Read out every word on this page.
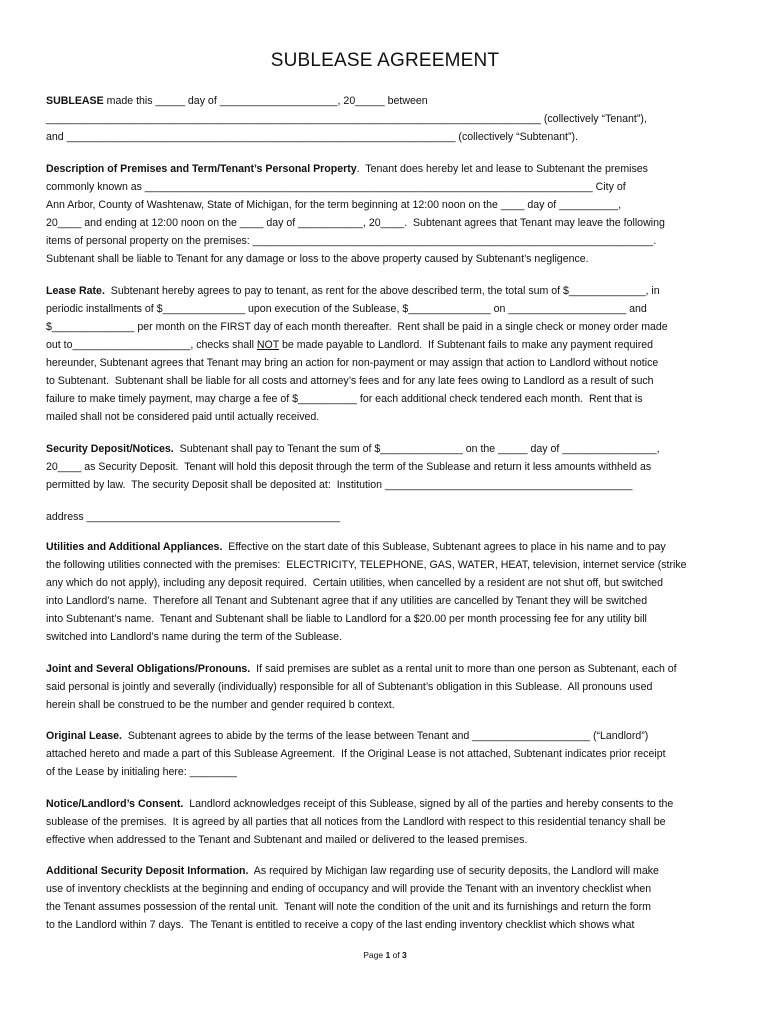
SUBLEASE AGREEMENT
SUBLEASE made this _____ day of ____________________, 20_____ between
____________________________________________________________________________________ (collectively “Tenant”),
and __________________________________________________________________ (collectively “Subtenant”).
Description of Premises and Term/Tenant’s Personal Property.  Tenant does hereby let and lease to Subtenant the premises
commonly known as ____________________________________________________________________________ City of
Ann Arbor, County of Washtenaw, State of Michigan, for the term beginning at 12:00 noon on the ____ day of __________,
20____ and ending at 12:00 noon on the ____ day of ___________, 20____.  Subtenant agrees that Tenant may leave the following
items of personal property on the premises: ____________________________________________________________________.
Subtenant shall be liable to Tenant for any damage or loss to the above property caused by Subtenant’s negligence.
Lease Rate.  Subtenant hereby agrees to pay to tenant, as rent for the above described term, the total sum of $_____________, in
periodic installments of $______________ upon execution of the Sublease, $______________ on ____________________ and
$______________ per month on the FIRST day of each month thereafter.  Rent shall be paid in a single check or money order made
out to____________________, checks shall NOT be made payable to Landlord.  If Subtenant fails to make any payment required
hereunder, Subtenant agrees that Tenant may bring an action for non-payment or may assign that action to Landlord without notice
to Subtenant.  Subtenant shall be liable for all costs and attorney’s fees and for any late fees owing to Landlord as a result of such
failure to make timely payment, may charge a fee of $__________ for each additional check tendered each month.  Rent that is
mailed shall not be considered paid until actually received.
Security Deposit/Notices.  Subtenant shall pay to Tenant the sum of $______________ on the _____ day of ________________,
20____ as Security Deposit.  Tenant will hold this deposit through the term of the Sublease and return it less amounts withheld as
permitted by law.  The security Deposit shall be deposited at:  Institution __________________________________________
address ___________________________________________
Utilities and Additional Appliances.  Effective on the start date of this Sublease, Subtenant agrees to place in his name and to pay
the following utilities connected with the premises:  ELECTRICITY, TELEPHONE, GAS, WATER, HEAT, television, internet service (strike
any which do not apply), including any deposit required.  Certain utilities, when cancelled by a resident are not shut off, but switched
into Landlord’s name.  Therefore all Tenant and Subtenant agree that if any utilities are cancelled by Tenant they will be switched
into Subtenant’s name.  Tenant and Subtenant shall be liable to Landlord for a $20.00 per month processing fee for any utility bill
switched into Landlord’s name during the term of the Sublease.
Joint and Several Obligations/Pronouns.  If said premises are sublet as a rental unit to more than one person as Subtenant, each of
said personal is jointly and severally (individually) responsible for all of Subtenant’s obligation in this Sublease.  All pronouns used
herein shall be construed to be the number and gender required b context.
Original Lease.  Subtenant agrees to abide by the terms of the lease between Tenant and ____________________ (“Landlord”)
attached hereto and made a part of this Sublease Agreement.  If the Original Lease is not attached, Subtenant indicates prior receipt
of the Lease by initialing here: ________
Notice/Landlord’s Consent.  Landlord acknowledges receipt of this Sublease, signed by all of the parties and hereby consents to the
sublease of the premises.  It is agreed by all parties that all notices from the Landlord with respect to this residential tenancy shall be
effective when addressed to the Tenant and Subtenant and mailed or delivered to the leased premises.
Additional Security Deposit Information.  As required by Michigan law regarding use of security deposits, the Landlord will make
use of inventory checklists at the beginning and ending of occupancy and will provide the Tenant with an inventory checklist when
the Tenant assumes possession of the rental unit.  Tenant will note the condition of the unit and its furnishings and return the form
to the Landlord within 7 days.  The Tenant is entitled to receive a copy of the last ending inventory checklist which shows what
Page 1 of 3
